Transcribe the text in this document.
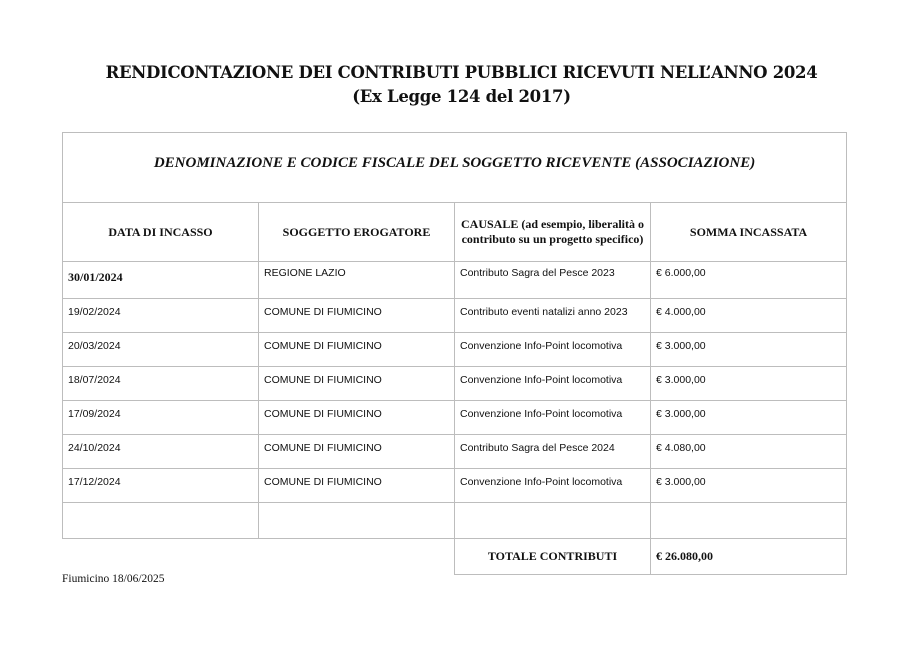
RENDICONTAZIONE DEI CONTRIBUTI PUBBLICI RICEVUTI NELL’ANNO 2024
(Ex Legge 124 del 2017)
DENOMINAZIONE E CODICE FISCALE DEL SOGGETTO RICEVENTE (ASSOCIAZIONE)			
DATA DI INCASSO	SOGGETTO EROGATORE	CAUSALE (ad esempio, liberalità o contributo su un progetto specifico)	SOMMA INCASSATA
30/01/2024	REGIONE LAZIO	Contributo Sagra del Pesce 2023	€ 6.000,00
19/02/2024	COMUNE DI FIUMICINO	Contributo eventi natalizi anno 2023	€ 4.000,00
20/03/2024	COMUNE DI FIUMICINO	Convenzione Info-Point locomotiva	€ 3.000,00
18/07/2024	COMUNE DI FIUMICINO	Convenzione Info-Point locomotiva	€ 3.000,00
17/09/2024	COMUNE DI FIUMICINO	Convenzione Info-Point locomotiva	€ 3.000,00
24/10/2024	COMUNE DI FIUMICINO	Contributo Sagra del Pesce 2024	€ 4.080,00
17/12/2024	COMUNE DI FIUMICINO	Convenzione Info-Point locomotiva	€ 3.000,00

		TOTALE CONTRIBUTI	€ 26.080,00

Fiumicino 18/06/2025
